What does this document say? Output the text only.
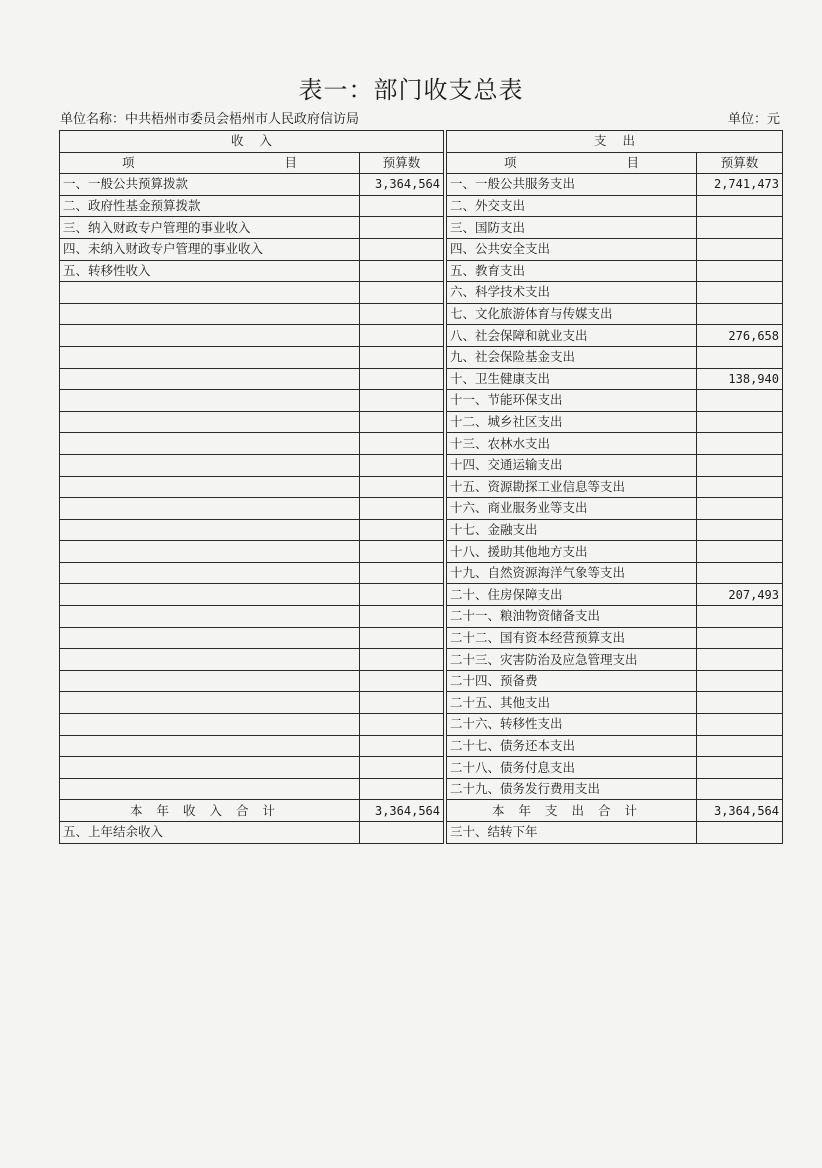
表一：部门收支总表
单位名称：中共梧州市委员会梧州市人民政府信访局	单位：元
收    入			支    出	
项 目	预算数		项 目	预算数
一、一般公共预算拨款	3,364,564		一、一般公共服务支出	2,741,473
二、政府性基金预算拨款			二、外交支出	
三、纳入财政专户管理的事业收入			三、国防支出	
四、未纳入财政专户管理的事业收入			四、公共安全支出	
五、转移性收入			五、教育支出	
			六、科学技术支出	
			七、文化旅游体育与传媒支出	
			八、社会保障和就业支出	276,658
			九、社会保险基金支出	
			十、卫生健康支出	138,940
			十一、节能环保支出	
			十二、城乡社区支出	
			十三、农林水支出	
			十四、交通运输支出	
			十五、资源勘探工业信息等支出	
			十六、商业服务业等支出	
			十七、金融支出	
			十八、援助其他地方支出	
			十九、自然资源海洋气象等支出	
			二十、住房保障支出	207,493
			二十一、粮油物资储备支出	
			二十二、国有资本经营预算支出	
			二十三、灾害防治及应急管理支出	
			二十四、预备费	
			二十五、其他支出	
			二十六、转移性支出	
			二十七、债务还本支出	
			二十八、债务付息支出	
			二十九、债务发行费用支出	
本年收入合计	3,364,564		本年支出合计	3,364,564
五、上年结余收入			三十、结转下年	
